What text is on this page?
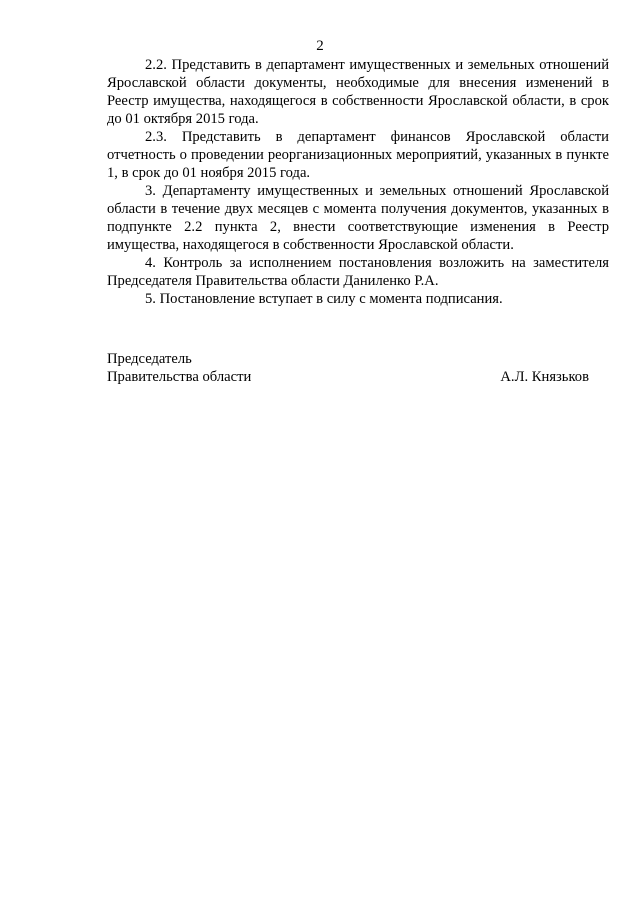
2

2.2. Представить в департамент имущественных и земельных отношений Ярославской области документы, необходимые для внесения изменений в Реестр имущества, находящегося в собственности Ярославской области, в срок до 01 октября 2015 года.

2.3. Представить в департамент финансов Ярославской области отчетность о проведении реорганизационных мероприятий, указанных в пункте 1, в срок до 01 ноября 2015 года.

3. Департаменту имущественных и земельных отношений Ярославской области в течение двух месяцев с момента получения документов, указанных в подпункте 2.2 пункта 2, внести соответствующие изменения в Реестр имущества, находящегося в собственности Ярославской области.

4. Контроль за исполнением постановления возложить на заместителя Председателя Правительства области Даниленко Р.А.

5. Постановление вступает в силу с момента подписания.

Председатель
Правительства области	А.Л. Князьков
